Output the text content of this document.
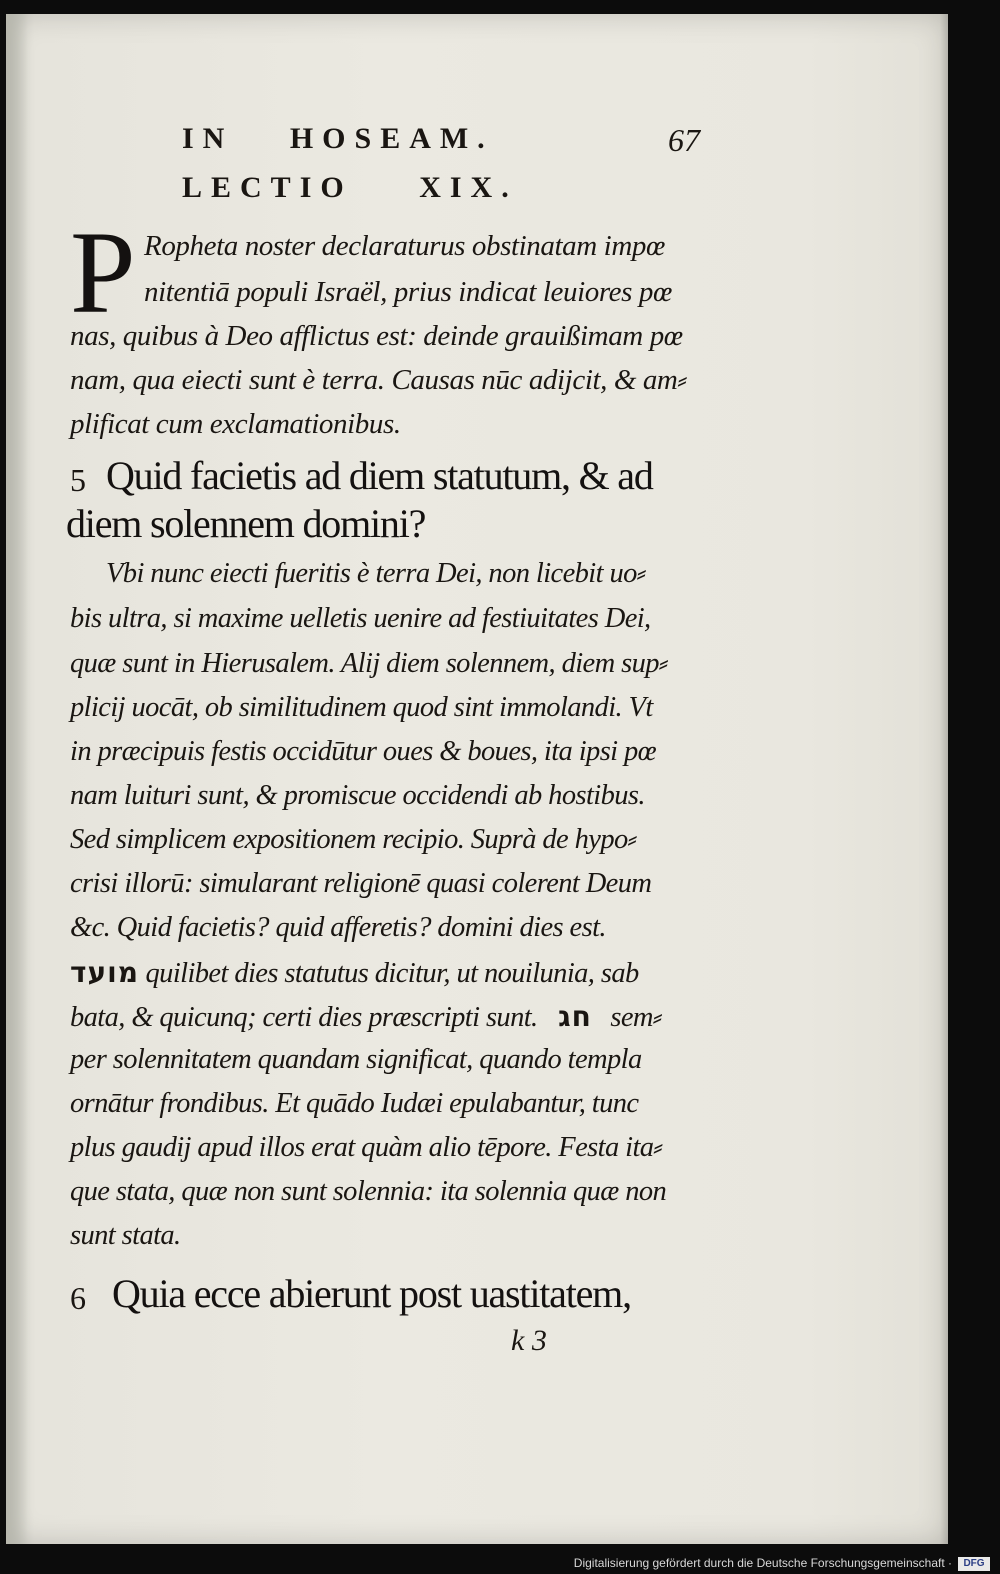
IN HOSEAM.	67
LECTIO XIX.
P Ropheta noster declaraturus obstinatam impœ
nitentiā populi Israël, prius indicat leuiores pœ
nas, quibus à Deo afflictus est: deinde grauißimam pœ
nam, qua eiecti sunt è terra. Causas nūc adijcit, & am⸗
plificat cum exclamationibus.
5 Quid facietis ad diem statutum, & ad
diem solennem domini?
Vbi nunc eiecti fueritis è terra Dei, non licebit uo⸗
bis ultra, si maxime uelletis uenire ad festiuitates Dei,
quæ sunt in Hierusalem. Alij diem solennem, diem sup⸗
plicij uocāt, ob similitudinem quod sint immolandi. Vt
in præcipuis festis occidūtur oues & boues, ita ipsi pœ
nam luituri sunt, & promiscue occidendi ab hostibus.
Sed simplicem expositionem recipio. Suprà de hypo⸗
crisi illorū: simularant religionē quasi colerent Deum
&c. Quid facietis? quid afferetis? domini dies est.
מועד quilibet dies statutus dicitur, ut nouilunia, sab
bata, & quicunq; certi dies præscripti sunt. חג sem⸗
per solennitatem quandam significat, quando templa
ornātur frondibus. Et quādo Iudæi epulabantur, tunc
plus gaudij apud illos erat quàm alio tēpore. Festa ita⸗
que stata, quæ non sunt solennia: ita solennia quæ non
sunt stata.
6 Quia ecce abierunt post uastitatem,
k 3
Digitalisierung gefördert durch die Deutsche Forschungsgemeinschaft ·	DFG
